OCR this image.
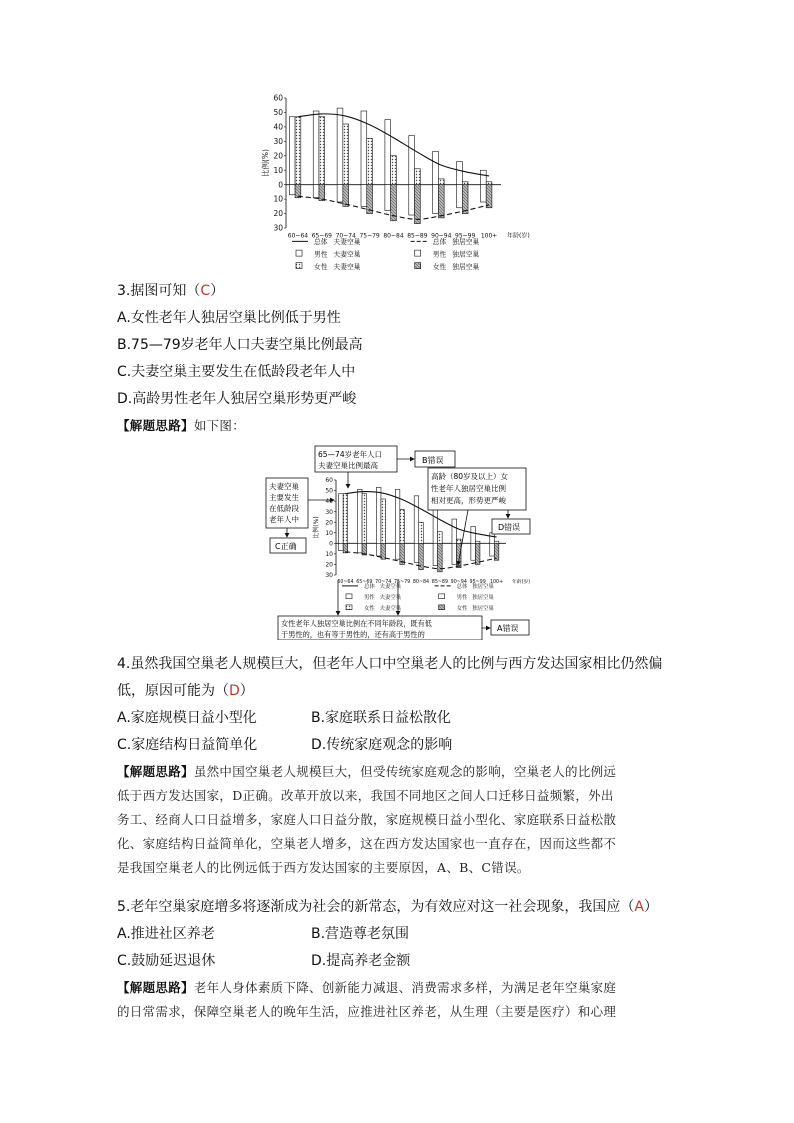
60
50
40
30
20
10
0
10
20
30
比例(%)
60~64 65~69 70~74 75~79 80~84 85~89 90~94 95~99 100+ 年龄(岁)
总体 夫妻空巢	总体 独居空巢
男性 夫妻空巢	男性 独居空巢
女性 夫妻空巢	女性 独居空巢
3.据图可知（C）
A.女性老年人独居空巢比例低于男性
B.75—79岁老年人口夫妻空巢比例最高
C.夫妻空巢主要发生在低龄段老年人中
D.高龄男性老年人独居空巢形势更严峻
【解题思路】如下图：
60
50
40
30
20
10
0
10
20
30
比例(%)
60~64 65~69 70~74 75~79 80~84 85~89 90~94 95~99 100+ 年龄(岁)
总体 夫妻空巢	总体 独居空巢
男性 夫妻空巢	男性 独居空巢
女性 夫妻空巢	女性 独居空巢
65—74岁老年人口
夫妻空巢比例最高
B错误
夫妻空巢
主要发生
在低龄段
老年人中
C正确
高龄（80岁及以上）女
性老年人独居空巢比例
相对更高，形势更严峻
D错误
女性老年人独居空巢比例在不同年龄段，既有低
于男性的，也有等于男性的，还有高于男性的
A错误
4.虽然我国空巢老人规模巨大，但老年人口中空巢老人的比例与西方发达国家相比仍然偏
低，原因可能为（D）
A.家庭规模日益小型化	B.家庭联系日益松散化
C.家庭结构日益简单化	D.传统家庭观念的影响
【解题思路】虽然中国空巢老人规模巨大，但受传统家庭观念的影响，空巢老人的比例远
低于西方发达国家，D正确。改革开放以来，我国不同地区之间人口迁移日益频繁，外出
务工、经商人口日益增多，家庭人口日益分散，家庭规模日益小型化、家庭联系日益松散
化、家庭结构日益简单化，空巢老人增多，这在西方发达国家也一直存在，因而这些都不
是我国空巢老人的比例远低于西方发达国家的主要原因，A、B、C错误。
5.老年空巢家庭增多将逐渐成为社会的新常态，为有效应对这一社会现象，我国应（A）
A.推进社区养老	B.营造尊老氛围
C.鼓励延迟退休	D.提高养老金额
【解题思路】老年人身体素质下降、创新能力减退、消费需求多样，为满足老年空巢家庭
的日常需求，保障空巢老人的晚年生活，应推进社区养老，从生理（主要是医疗）和心理
